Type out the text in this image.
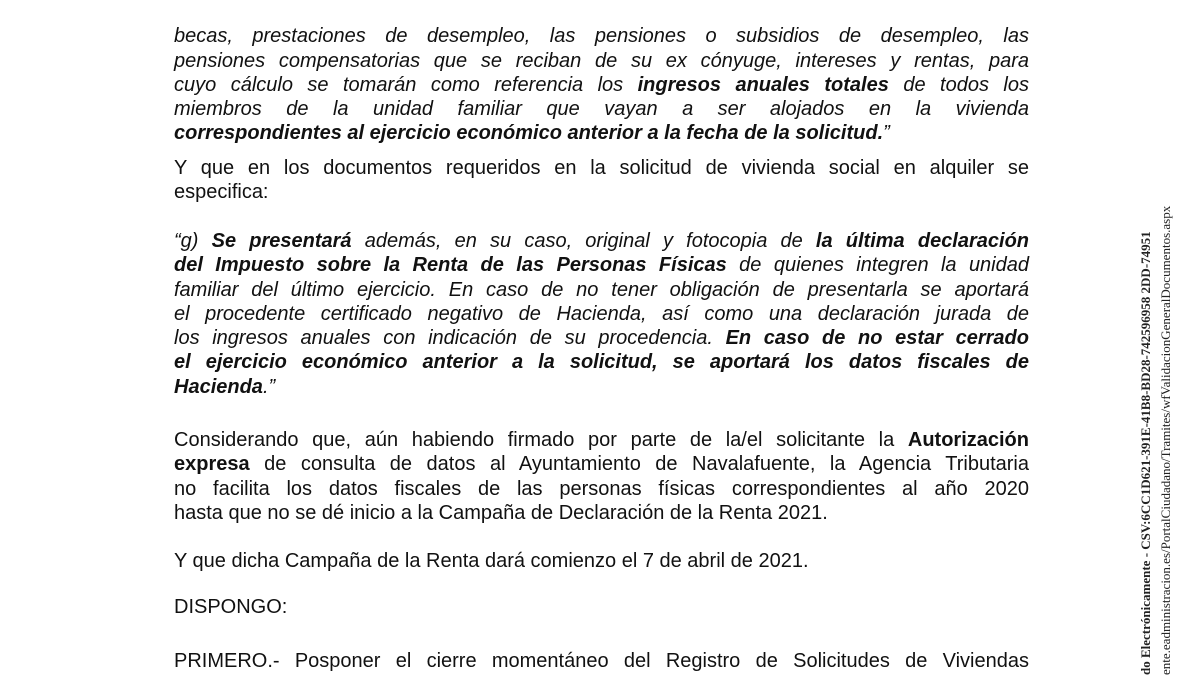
becas, prestaciones de desempleo, las pensiones o subsidios de desempleo, las
pensiones compensatorias que se reciban de su ex cónyuge, intereses y rentas, para
cuyo cálculo se tomarán como referencia los ingresos anuales totales de todos los
miembros de la unidad familiar que vayan a ser alojados en la vivienda
correspondientes al ejercicio económico anterior a la fecha de la solicitud.”
Y que en los documentos requeridos en la solicitud de vivienda social en alquiler se
especifica:
“g) Se presentará además, en su caso, original y fotocopia de la última declaración
del Impuesto sobre la Renta de las Personas Físicas de quienes integren la unidad
familiar del último ejercicio. En caso de no tener obligación de presentarla se aportará
el procedente certificado negativo de Hacienda, así como una declaración jurada de
los ingresos anuales con indicación de su procedencia. En caso de no estar cerrado
el ejercicio económico anterior a la solicitud, se aportará los datos fiscales de
Hacienda.”
Considerando que, aún habiendo firmado por parte de la/el solicitante la Autorización
expresa de consulta de datos al Ayuntamiento de Navalafuente, la Agencia Tributaria
no facilita los datos fiscales de las personas físicas correspondientes al año 2020
hasta que no se dé inicio a la Campaña de Declaración de la Renta 2021.
Y que dicha Campaña de la Renta dará comienzo el 7 de abril de 2021.
DISPONGO:
PRIMERO.- Posponer el cierre momentáneo del Registro de Solicitudes de Viviendas	do Electrónicamente - CSV:6CC1D621-391E-41B8-BD28-742596958 2DD-74951 ente.eadministracion.es/PortalCiudadano/Tramites/wfValidacionGeneralDocumentos.aspx
